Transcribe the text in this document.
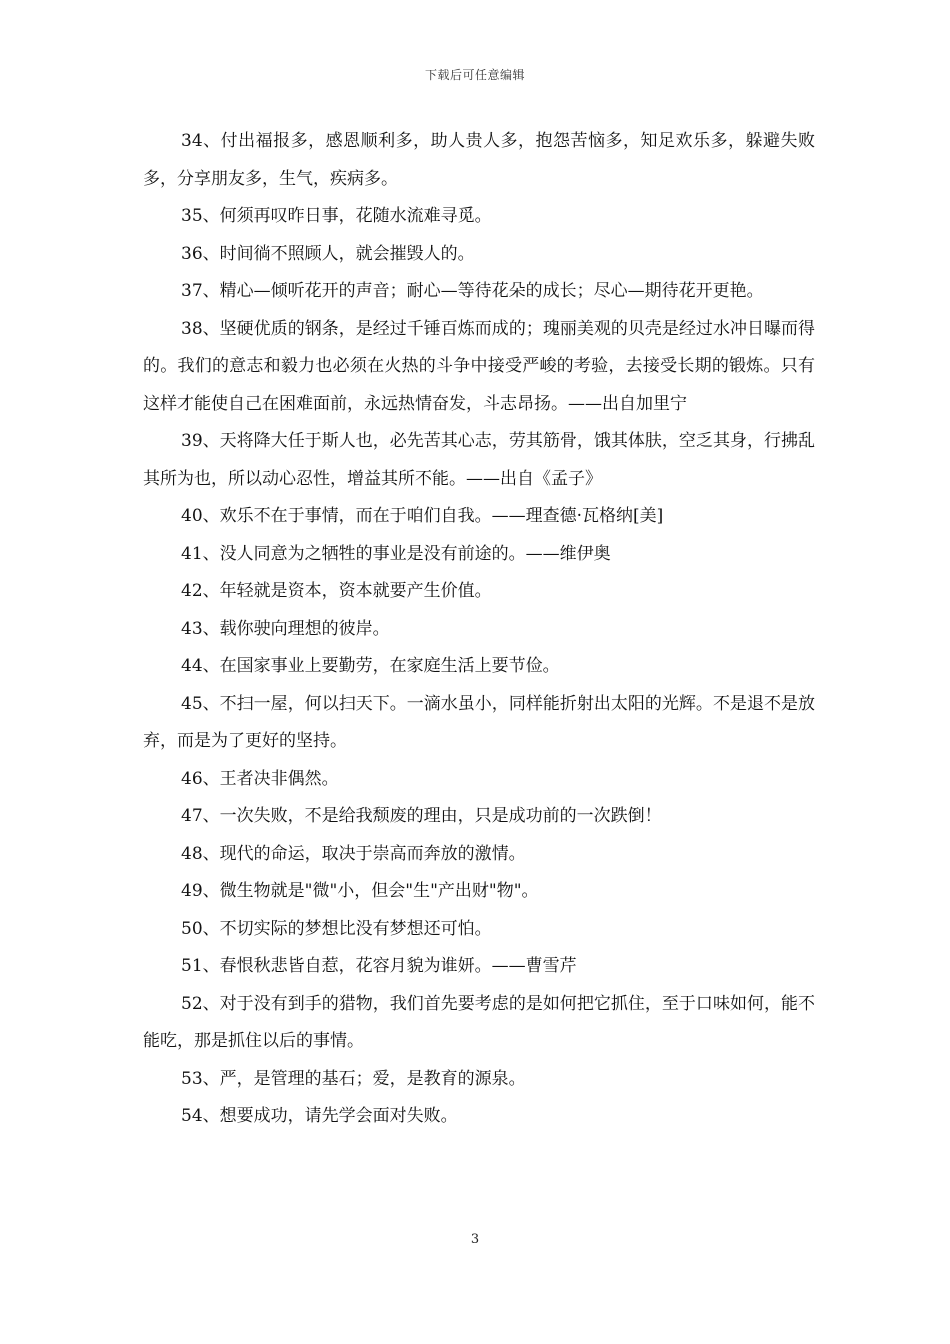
下载后可任意编辑

34、付出福报多，感恩顺利多，助人贵人多，抱怨苦恼多，知足欢乐多，躲避失败多，分享朋友多，生气，疾病多。

35、何须再叹昨日事，花随水流难寻觅。

36、时间徜不照顾人，就会摧毁人的。

37、精心—倾听花开的声音；耐心—等待花朵的成长；尽心—期待花开更艳。

38、坚硬优质的钢条，是经过千锤百炼而成的；瑰丽美观的贝壳是经过水冲日曝而得的。我们的意志和毅力也必须在火热的斗争中接受严峻的考验，去接受长期的锻炼。只有这样才能使自己在困难面前，永远热情奋发，斗志昂扬。——出自加里宁

39、天将降大任于斯人也，必先苦其心志，劳其筋骨，饿其体肤，空乏其身，行拂乱其所为也，所以动心忍性，增益其所不能。——出自《孟子》

40、欢乐不在于事情，而在于咱们自我。——理查德·瓦格纳[美]

41、没人同意为之牺牲的事业是没有前途的。——维伊奥

42、年轻就是资本，资本就要产生价值。

43、载你驶向理想的彼岸。

44、在国家事业上要勤劳，在家庭生活上要节俭。

45、不扫一屋，何以扫天下。一滴水虽小，同样能折射出太阳的光辉。不是退不是放弃，而是为了更好的坚持。

46、王者决非偶然。

47、一次失败，不是给我颓废的理由，只是成功前的一次跌倒！

48、现代的命运，取决于崇高而奔放的激情。

49、微生物就是"微"小，但会"生"产出财"物"。

50、不切实际的梦想比没有梦想还可怕。

51、春恨秋悲皆自惹，花容月貌为谁妍。——曹雪芹

52、对于没有到手的猎物，我们首先要考虑的是如何把它抓住，至于口味如何，能不能吃，那是抓住以后的事情。

53、严，是管理的基石；爱，是教育的源泉。

54、想要成功，请先学会面对失败。

3
